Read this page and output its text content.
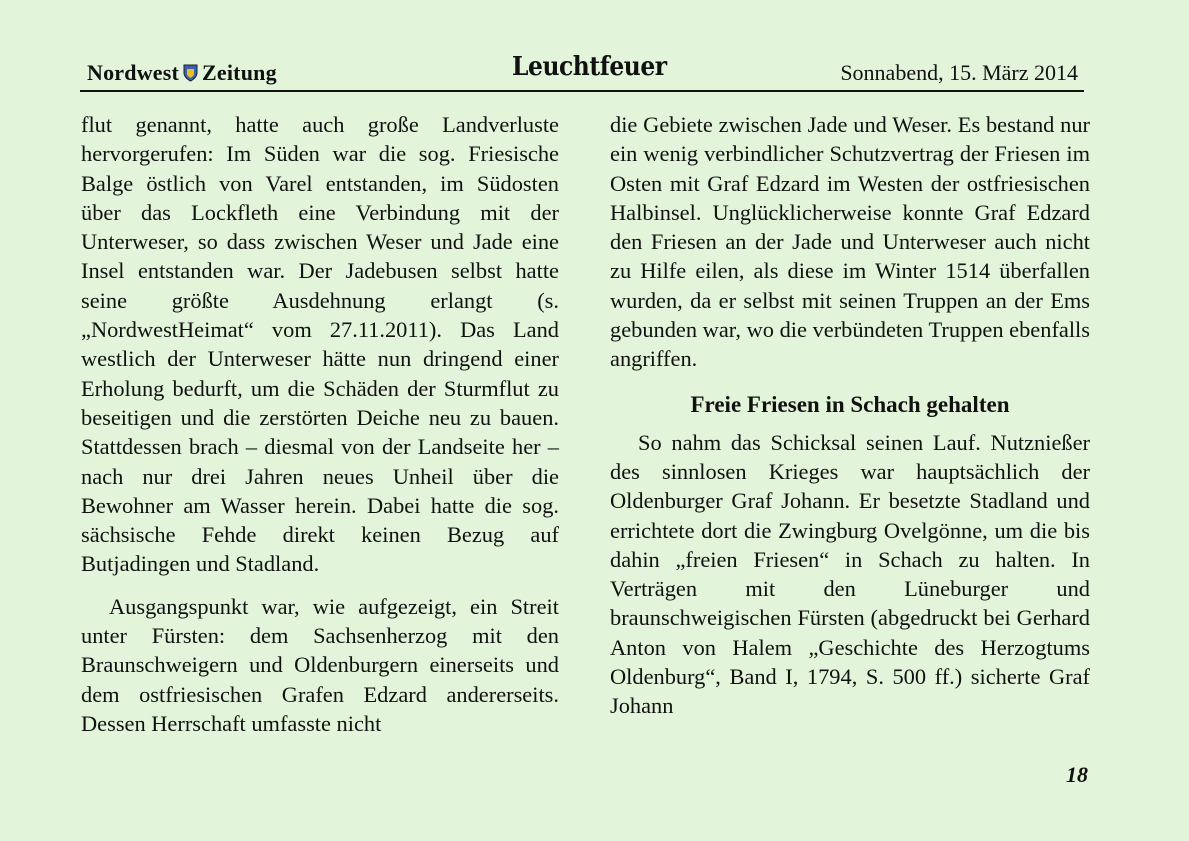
Nordwest Zeitung	Leuchtfeuer	Sonnabend, 15. März 2014

flut genannt, hatte auch große Landverluste hervorgerufen: Im Süden war die sog. Friesische Balge östlich von Varel entstanden, im Südosten über das Lockfleth eine Verbindung mit der Unterweser, so dass zwischen Weser und Jade eine Insel entstanden war. Der Jadebusen selbst hatte seine größte Ausdehnung erlangt (s. „NordwestHeimat“ vom 27.11.2011). Das Land westlich der Unterweser hätte nun dringend einer Erholung bedurft, um die Schäden der Sturmflut zu beseitigen und die zerstörten Deiche neu zu bauen. Stattdessen brach – diesmal von der Landseite her – nach nur drei Jahren neues Unheil über die Bewohner am Wasser herein. Dabei hatte die sog. sächsische Fehde direkt keinen Bezug auf Butjadingen und Stadland.

Ausgangspunkt war, wie aufgezeigt, ein Streit unter Fürsten: dem Sachsenherzog mit den Braunschweigern und Oldenburgern einerseits und dem ostfriesischen Grafen Edzard andererseits. Dessen Herrschaft umfasste nicht

die Gebiete zwischen Jade und Weser. Es bestand nur ein wenig verbindlicher Schutzvertrag der Friesen im Osten mit Graf Edzard im Westen der ostfriesischen Halbinsel. Unglücklicherweise konnte Graf Edzard den Friesen an der Jade und Unterweser auch nicht zu Hilfe eilen, als diese im Winter 1514 überfallen wurden, da er selbst mit seinen Truppen an der Ems gebunden war, wo die verbündeten Truppen ebenfalls angriffen.

Freie Friesen in Schach gehalten

So nahm das Schicksal seinen Lauf. Nutznießer des sinnlosen Krieges war hauptsächlich der Oldenburger Graf Johann. Er besetzte Stadland und errichtete dort die Zwingburg Ovelgönne, um die bis dahin „freien Friesen“ in Schach zu halten. In Verträgen mit den Lüneburger und braunschweigischen Fürsten (abgedruckt bei Gerhard Anton von Halem „Geschichte des Herzogtums Oldenburg“, Band I, 1794, S. 500 ff.) sicherte Graf Johann

18
